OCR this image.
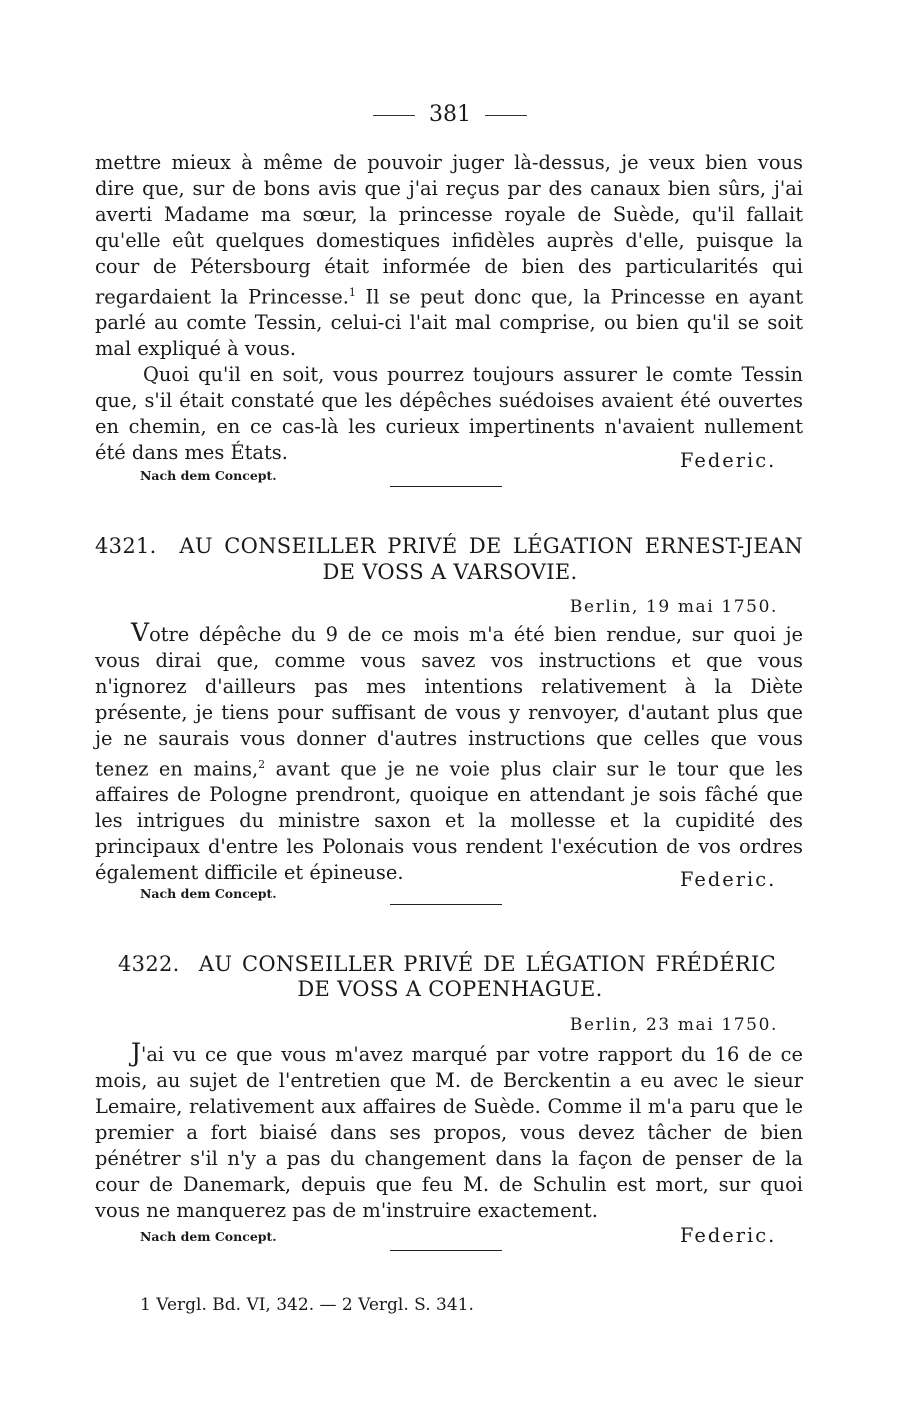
381

mettre mieux à même de pouvoir juger là-dessus, je veux bien vous dire que, sur de bons avis que j'ai reçus par des canaux bien sûrs, j'ai averti Madame ma sœur, la princesse royale de Suède, qu'il fallait qu'elle eût quelques domestiques infidèles auprès d'elle, puisque la cour de Pétersbourg était informée de bien des particularités qui regardaient la Princesse.$^1$ Il se peut donc que, la Princesse en ayant parlé au comte Tessin, celui-ci l'ait mal comprise, ou bien qu'il se soit mal expliqué à vous.

Quoi qu'il en soit, vous pourrez toujours assurer le comte Tessin que, s'il était constaté que les dépêches suédoises avaient été ouvertes en chemin, en ce cas-là les curieux impertinents n'avaient nullement été dans mes États.	Federic.
Nach dem Concept.
4321. AU CONSEILLER PRIVÉ DE LÉGATION ERNEST-JEAN
DE VOSS A VARSOVIE.
Berlin, 19 mai 1750.

Votre dépêche du 9 de ce mois m'a été bien rendue, sur quoi je vous dirai que, comme vous savez vos instructions et que vous n'ignorez d'ailleurs pas mes intentions relativement à la Diète présente, je tiens pour suffisant de vous y renvoyer, d'autant plus que je ne saurais vous donner d'autres instructions que celles que vous tenez en mains,$^2$ avant que je ne voie plus clair sur le tour que les affaires de Pologne prendront, quoique en attendant je sois fâché que les intrigues du ministre saxon et la mollesse et la cupidité des principaux d'entre les Polonais vous rendent l'exécution de vos ordres également difficile et épineuse.	Federic.
Nach dem Concept.
4322. AU CONSEILLER PRIVÉ DE LÉGATION FRÉDÉRIC
DE VOSS A COPENHAGUE.
Berlin, 23 mai 1750.

J'ai vu ce que vous m'avez marqué par votre rapport du 16 de ce mois, au sujet de l'entretien que M. de Berckentin a eu avec le sieur Lemaire, relativement aux affaires de Suède. Comme il m'a paru que le premier a fort biaisé dans ses propos, vous devez tâcher de bien pénétrer s'il n'y a pas du changement dans la façon de penser de la cour de Danemark, depuis que feu M. de Schulin est mort, sur quoi vous ne manquerez pas de m'instruire exactement.

Federic.
Nach dem Concept.
1 Vergl. Bd. VI, 342. — 2 Vergl. S. 341.
